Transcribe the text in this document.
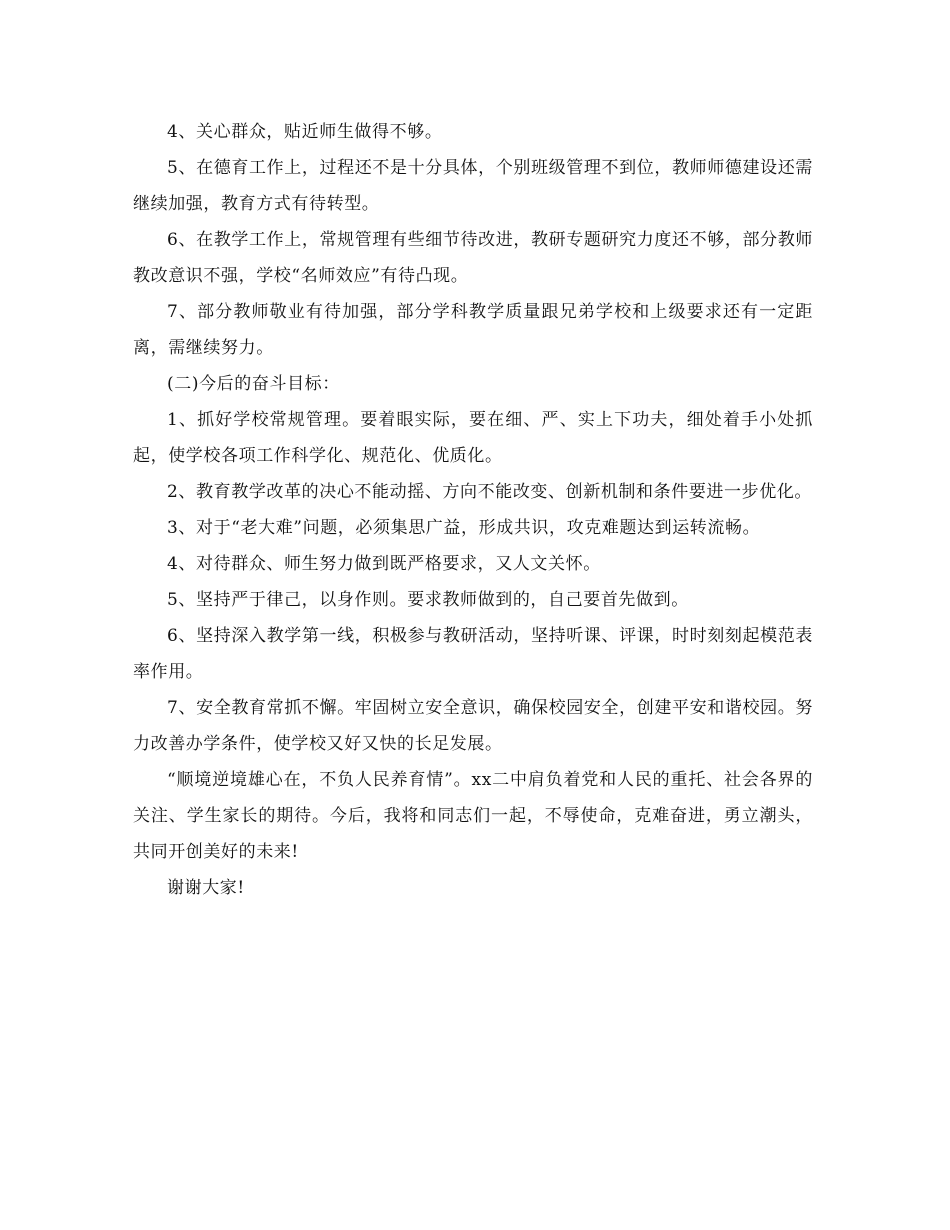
4、关心群众，贴近师生做得不够。

5、在德育工作上，过程还不是十分具体，个别班级管理不到位，教师师德建设还需继续加强，教育方式有待转型。

6、在教学工作上，常规管理有些细节待改进，教研专题研究力度还不够，部分教师教改意识不强，学校“名师效应”有待凸现。

7、部分教师敬业有待加强，部分学科教学质量跟兄弟学校和上级要求还有一定距离，需继续努力。

(二)今后的奋斗目标：

1、抓好学校常规管理。要着眼实际，要在细、严、实上下功夫，细处着手小处抓起，使学校各项工作科学化、规范化、优质化。

2、教育教学改革的决心不能动摇、方向不能改变、创新机制和条件要进一步优化。

3、对于“老大难”问题，必须集思广益，形成共识，攻克难题达到运转流畅。

4、对待群众、师生努力做到既严格要求，又人文关怀。

5、坚持严于律己，以身作则。要求教师做到的，自己要首先做到。

6、坚持深入教学第一线，积极参与教研活动，坚持听课、评课，时时刻刻起模范表率作用。

7、安全教育常抓不懈。牢固树立安全意识，确保校园安全，创建平安和谐校园。努力改善办学条件，使学校又好又快的长足发展。

“顺境逆境雄心在，不负人民养育情”。xx二中肩负着党和人民的重托、社会各界的关注、学生家长的期待。今后，我将和同志们一起，不辱使命，克难奋进，勇立潮头，共同开创美好的未来!

谢谢大家!
